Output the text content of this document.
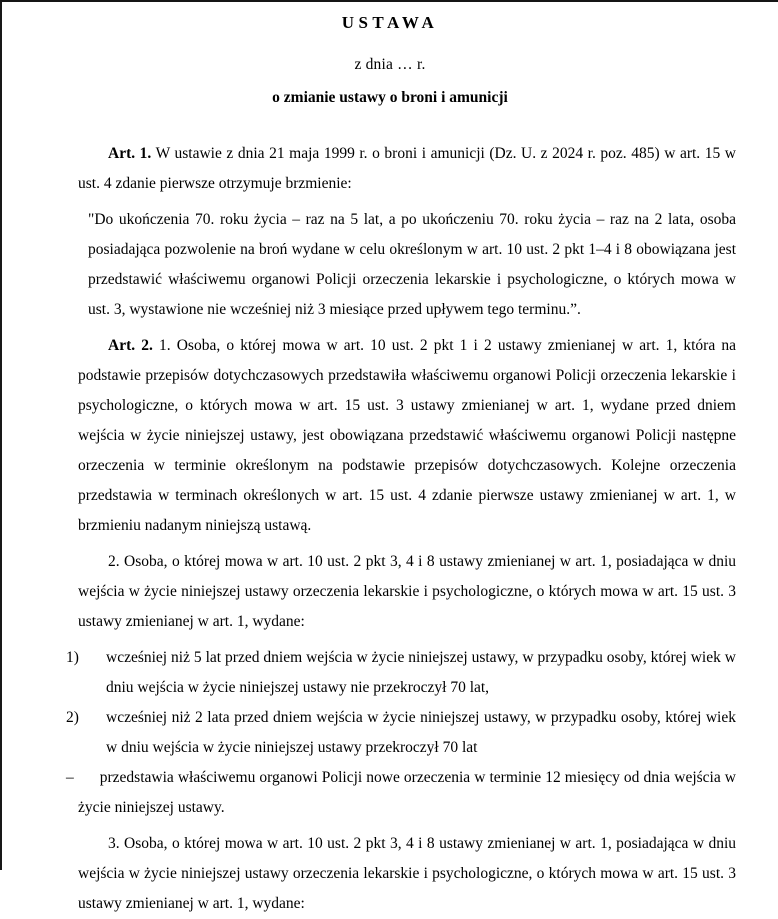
USTAWA
z dnia … r.
o zmianie ustawy o broni i amunicji

Art. 1. W ustawie z dnia 21 maja 1999 r. o broni i amunicji (Dz. U. z 2024 r. poz. 485) w art. 15 w ust. 4 zdanie pierwsze otrzymuje brzmienie:

"Do ukończenia 70. roku życia – raz na 5 lat, a po ukończeniu 70. roku życia – raz na 2 lata, osoba posiadająca pozwolenie na broń wydane w celu określonym w art. 10 ust. 2 pkt 1–4 i 8 obowiązana jest przedstawić właściwemu organowi Policji orzeczenia lekarskie i psychologiczne, o których mowa w ust. 3, wystawione nie wcześniej niż 3 miesiące przed upływem tego terminu.”.

Art. 2. 1. Osoba, o której mowa w art. 10 ust. 2 pkt 1 i 2 ustawy zmienianej w art. 1, która na podstawie przepisów dotychczasowych przedstawiła właściwemu organowi Policji orzeczenia lekarskie i psychologiczne, o których mowa w art. 15 ust. 3 ustawy zmienianej w art. 1, wydane przed dniem wejścia w życie niniejszej ustawy, jest obowiązana przedstawić właściwemu organowi Policji następne orzeczenia w terminie określonym na podstawie przepisów dotychczasowych. Kolejne orzeczenia przedstawia w terminach określonych w art. 15 ust. 4 zdanie pierwsze ustawy zmienianej w art. 1, w brzmieniu nadanym niniejszą ustawą.

2. Osoba, o której mowa w art. 10 ust. 2 pkt 3, 4 i 8 ustawy zmienianej w art. 1, posiadająca w dniu wejścia w życie niniejszej ustawy orzeczenia lekarskie i psychologiczne, o których mowa w art. 15 ust. 3 ustawy zmienianej w art. 1, wydane:

1)	wcześniej niż 5 lat przed dniem wejścia w życie niniejszej ustawy, w przypadku osoby, której wiek w dniu wejścia w życie niniejszej ustawy nie przekroczył 70 lat,
2)	wcześniej niż 2 lata przed dniem wejścia w życie niniejszej ustawy, w przypadku osoby, której wiek w dniu wejścia w życie niniejszej ustawy przekroczył 70 lat

– przedstawia właściwemu organowi Policji nowe orzeczenia w terminie 12 miesięcy od dnia wejścia w życie niniejszej ustawy.

3. Osoba, o której mowa w art. 10 ust. 2 pkt 3, 4 i 8 ustawy zmienianej w art. 1, posiadająca w dniu wejścia w życie niniejszej ustawy orzeczenia lekarskie i psychologiczne, o których mowa w art. 15 ust. 3 ustawy zmienianej w art. 1, wydane:
